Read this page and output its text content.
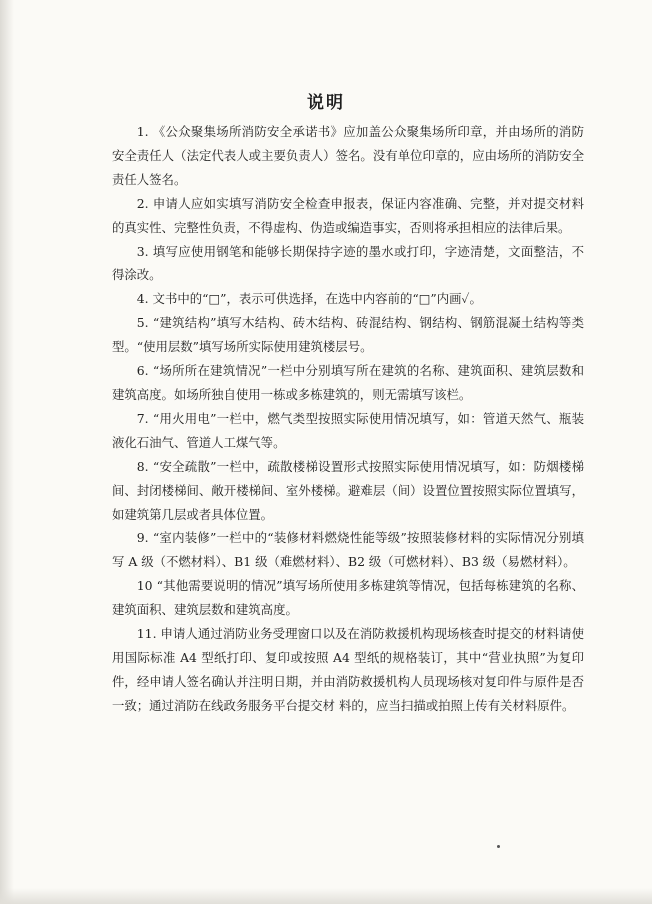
说明

1. 《公众聚集场所消防安全承诺书》应加盖公众聚集场所印章，并由场所的消防安全责任人（法定代表人或主要负责人）签名。没有单位印章的，应由场所的消防安全责任人签名。

2. 申请人应如实填写消防安全检查申报表，保证内容准确、完整，并对提交材料的真实性、完整性负责，不得虚构、伪造或编造事实，否则将承担相应的法律后果。

3. 填写应使用钢笔和能够长期保持字迹的墨水或打印，字迹清楚，文面整洁，不得涂改。

4. 文书中的“□”，表示可供选择，在选中内容前的“□”内画✓。

5. “建筑结构”填写木结构、砖木结构、砖混结构、钢结构、钢筋混凝土结构等类型。“使用层数”填写场所实际使用建筑楼层号。

6. “场所所在建筑情况”一栏中分别填写所在建筑的名称、建筑面积、建筑层数和建筑高度。如场所独自使用一栋或多栋建筑的，则无需填写该栏。

7. “用火用电”一栏中，燃气类型按照实际使用情况填写，如：管道天然气、瓶装液化石油气、管道人工煤气等。

8. “安全疏散”一栏中，疏散楼梯设置形式按照实际使用情况填写，如：防烟楼梯间、封闭楼梯间、敞开楼梯间、室外楼梯。避难层（间）设置位置按照实际位置填写，如建筑第几层或者具体位置。

9. “室内装修”一栏中的“装修材料燃烧性能等级”按照装修材料的实际情况分别填写 A 级（不燃材料）、B1 级（难燃材料）、B2 级（可燃材料）、B3 级（易燃材料）。

10 “其他需要说明的情况”填写场所使用多栋建筑等情况，包括每栋建筑的名称、建筑面积、建筑层数和建筑高度。

11. 申请人通过消防业务受理窗口以及在消防救援机构现场核查时提交的材料请使用国际标准 A4 型纸打印、复印或按照 A4 型纸的规格装订，其中“营业执照”为复印件，经申请人签名确认并注明日期，并由消防救援机构人员现场核对复印件与原件是否一致；通过消防在线政务服务平台提交材 料的，应当扫描或拍照上传有关材料原件。
